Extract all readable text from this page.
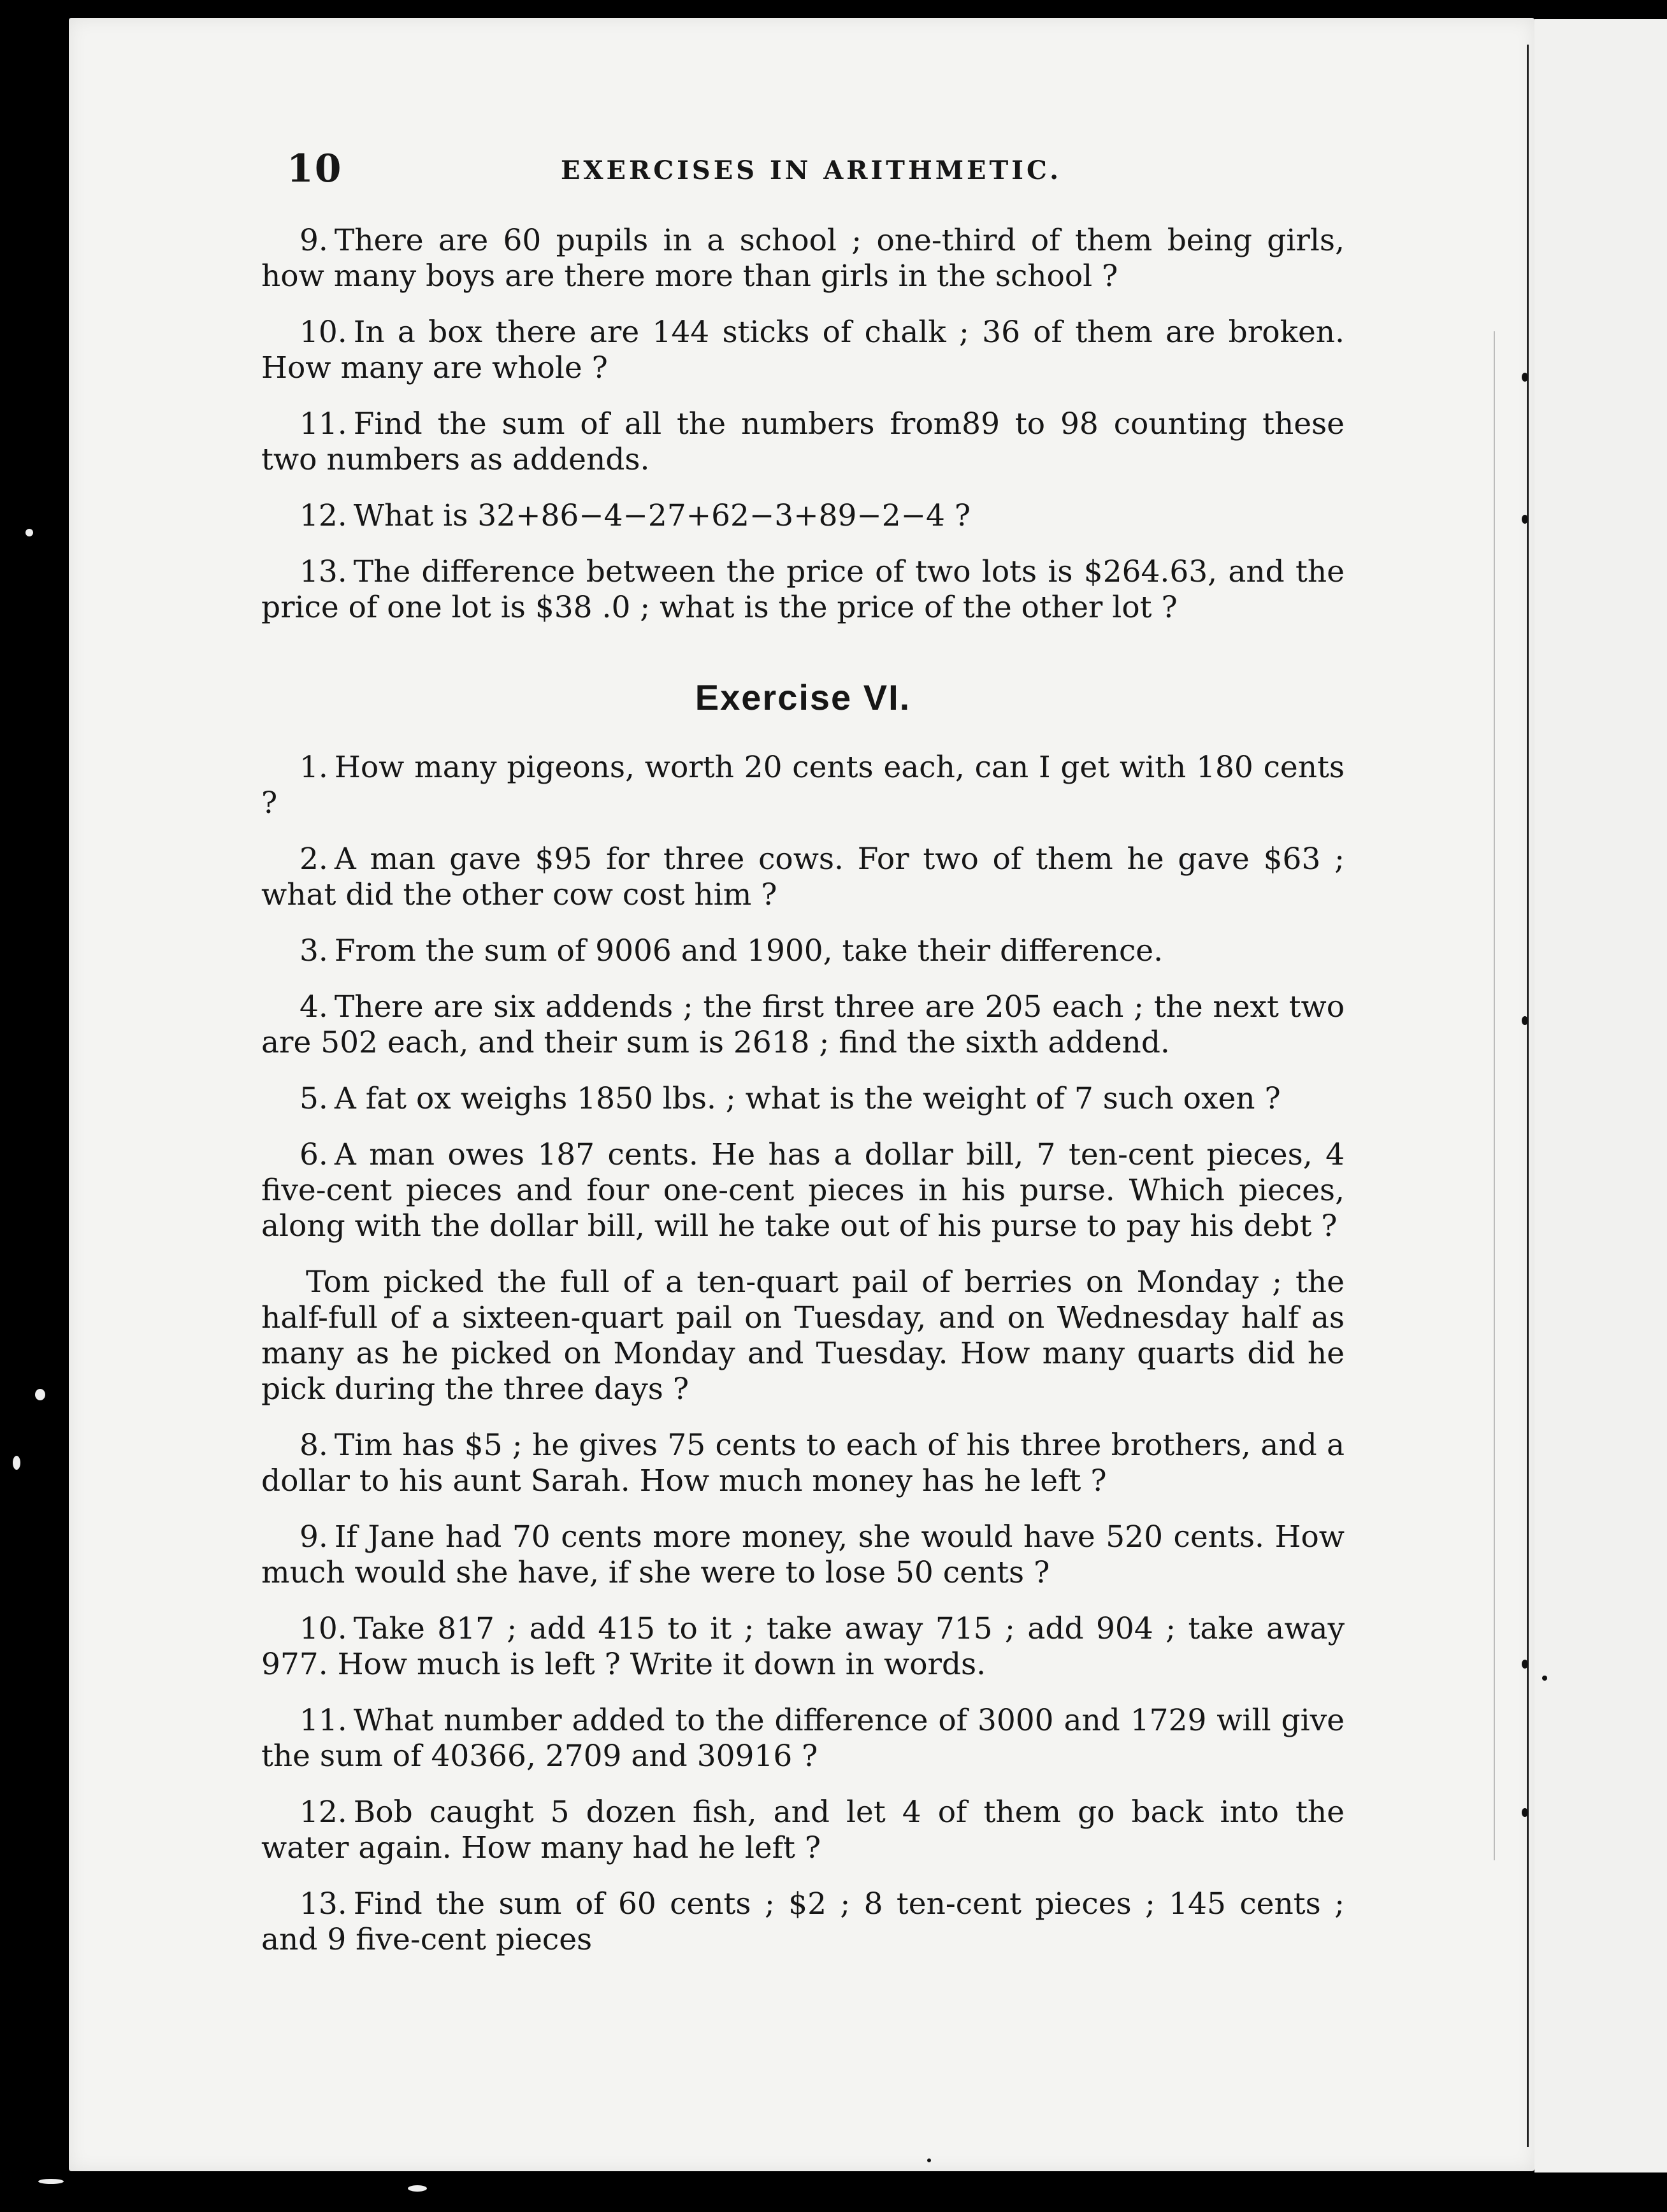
10	EXERCISES IN ARITHMETIC.

9. There are 60 pupils in a school ; one-third of them being girls, how many boys are there more than girls in the school ?

10. In a box there are 144 sticks of chalk ; 36 of them are broken. How many are whole ?

11. Find the sum of all the numbers from89 to 98 counting these two numbers as addends.

12. What is 32+86−4−27+62−3+89−2−4 ?

13. The difference between the price of two lots is $264.63, and the price of one lot is $38 .0 ; what is the price of the other lot ?

Exercise VI.

1. How many pigeons, worth 20 cents each, can I get with 180 cents ?

2. A man gave $95 for three cows. For two of them he gave $63 ; what did the other cow cost him ?

3. From the sum of 9006 and 1900, take their difference.

4. There are six addends ; the first three are 205 each ; the next two are 502 each, and their sum is 2618 ; find the sixth addend.

5. A fat ox weighs 1850 lbs. ; what is the weight of 7 such oxen ?

6. A man owes 187 cents. He has a dollar bill, 7 ten-cent pieces, 4 five-cent pieces and four one-cent pieces in his purse. Which pieces, along with the dollar bill, will he take out of his purse to pay his debt ?

Tom picked the full of a ten-quart pail of berries on Monday ; the half-full of a sixteen-quart pail on Tuesday, and on Wednesday half as many as he picked on Monday and Tuesday. How many quarts did he pick during the three days ?

8. Tim has $5 ; he gives 75 cents to each of his three brothers, and a dollar to his aunt Sarah. How much money has he left ?

9. If Jane had 70 cents more money, she would have 520 cents. How much would she have, if she were to lose 50 cents ?

10. Take 817 ; add 415 to it ; take away 715 ; add 904 ; take away 977. How much is left ? Write it down in words.

11. What number added to the difference of 3000 and 1729 will give the sum of 40366, 2709 and 30916 ?

12. Bob caught 5 dozen fish, and let 4 of them go back into the water again. How many had he left ?

13. Find the sum of 60 cents ; $2 ; 8 ten-cent pieces ; 145 cents ; and 9 five-cent pieces
